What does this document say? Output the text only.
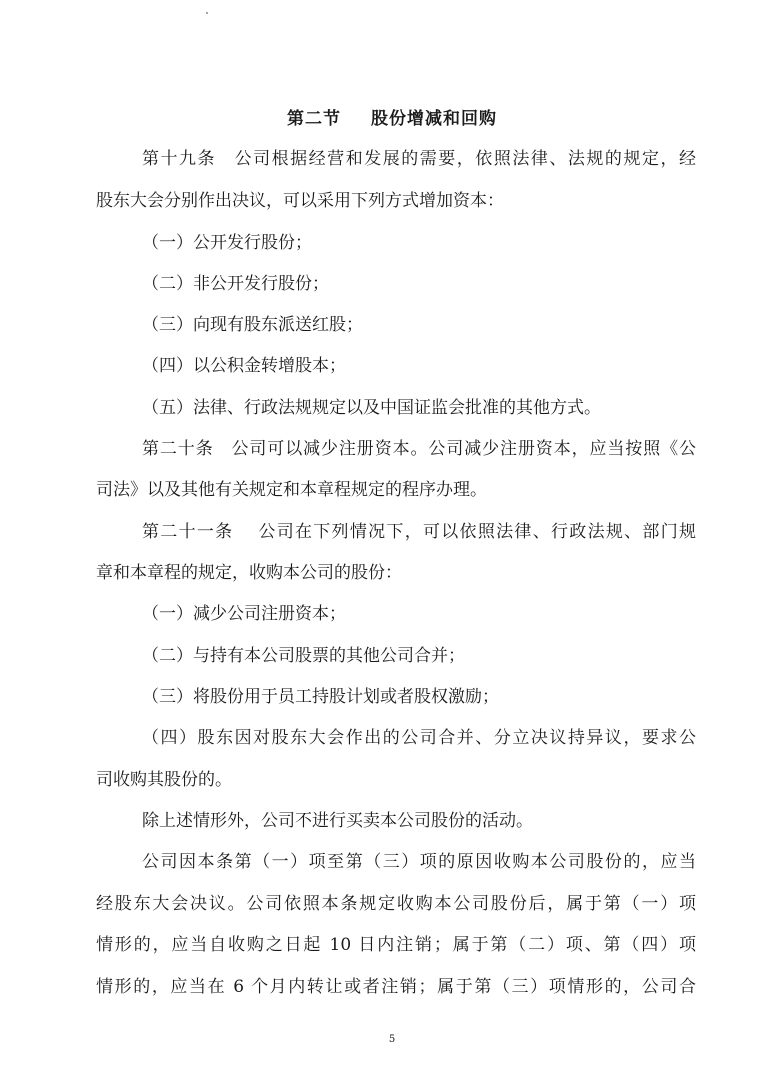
第二节 股份增减和回购
第十九条　公司根据经营和发展的需要，依照法律、法规的规定，经
股东大会分别作出决议，可以采用下列方式增加资本：
（一）公开发行股份；
（二）非公开发行股份；
（三）向现有股东派送红股；
（四）以公积金转增股本；
（五）法律、行政法规规定以及中国证监会批准的其他方式。
第二十条　公司可以减少注册资本。公司减少注册资本，应当按照《公
司法》以及其他有关规定和本章程规定的程序办理。
第二十一条　 公司在下列情况下，可以依照法律、行政法规、部门规
章和本章程的规定，收购本公司的股份：
（一）减少公司注册资本；
（二）与持有本公司股票的其他公司合并；
（三）将股份用于员工持股计划或者股权激励；
（四）股东因对股东大会作出的公司合并、分立决议持异议，要求公
司收购其股份的。
除上述情形外，公司不进行买卖本公司股份的活动。
公司因本条第（一）项至第（三）项的原因收购本公司股份的，应当
经股东大会决议。公司依照本条规定收购本公司股份后，属于第（一）项
情形的，应当自收购之日起 10 日内注销；属于第（二）项、第（四）项
情形的，应当在 6 个月内转让或者注销；属于第（三）项情形的，公司合
5
